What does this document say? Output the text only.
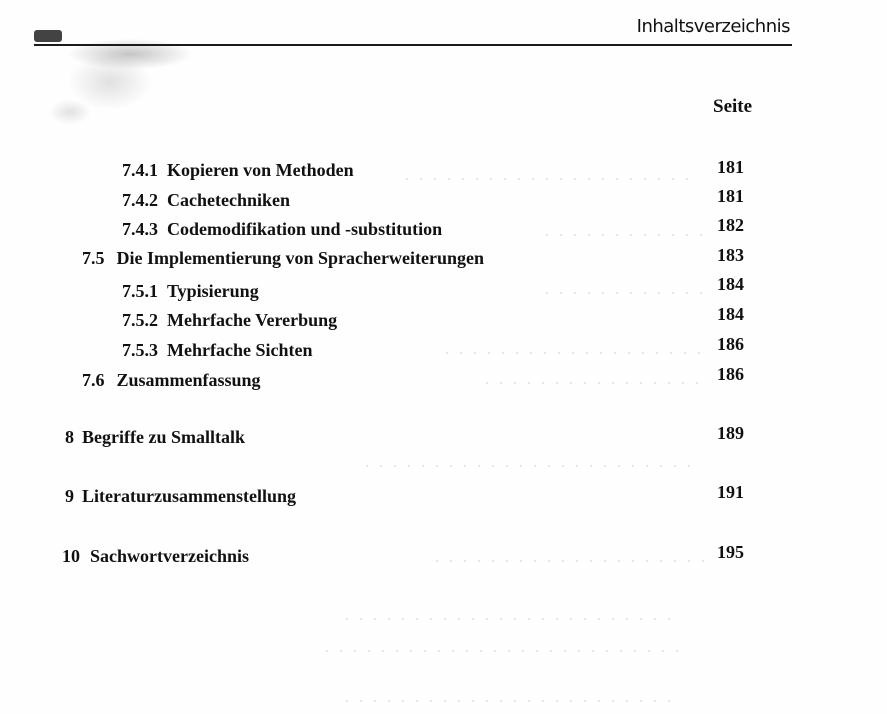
Inhaltsverzeichnis
Seite
7.4.1 Kopieren von Methoden	181
7.4.2 Cachetechniken	181
7.4.3 Codemodifikation und -substitution	182
7.5 Die Implementierung von Spracherweiterungen	183
7.5.1 Typisierung	184
7.5.2 Mehrfache Vererbung	184
7.5.3 Mehrfache Sichten	186
7.6 Zusammenfassung	186
8 Begriffe zu Smalltalk	189
9 Literaturzusammenstellung	191
10 Sachwortverzeichnis	195
